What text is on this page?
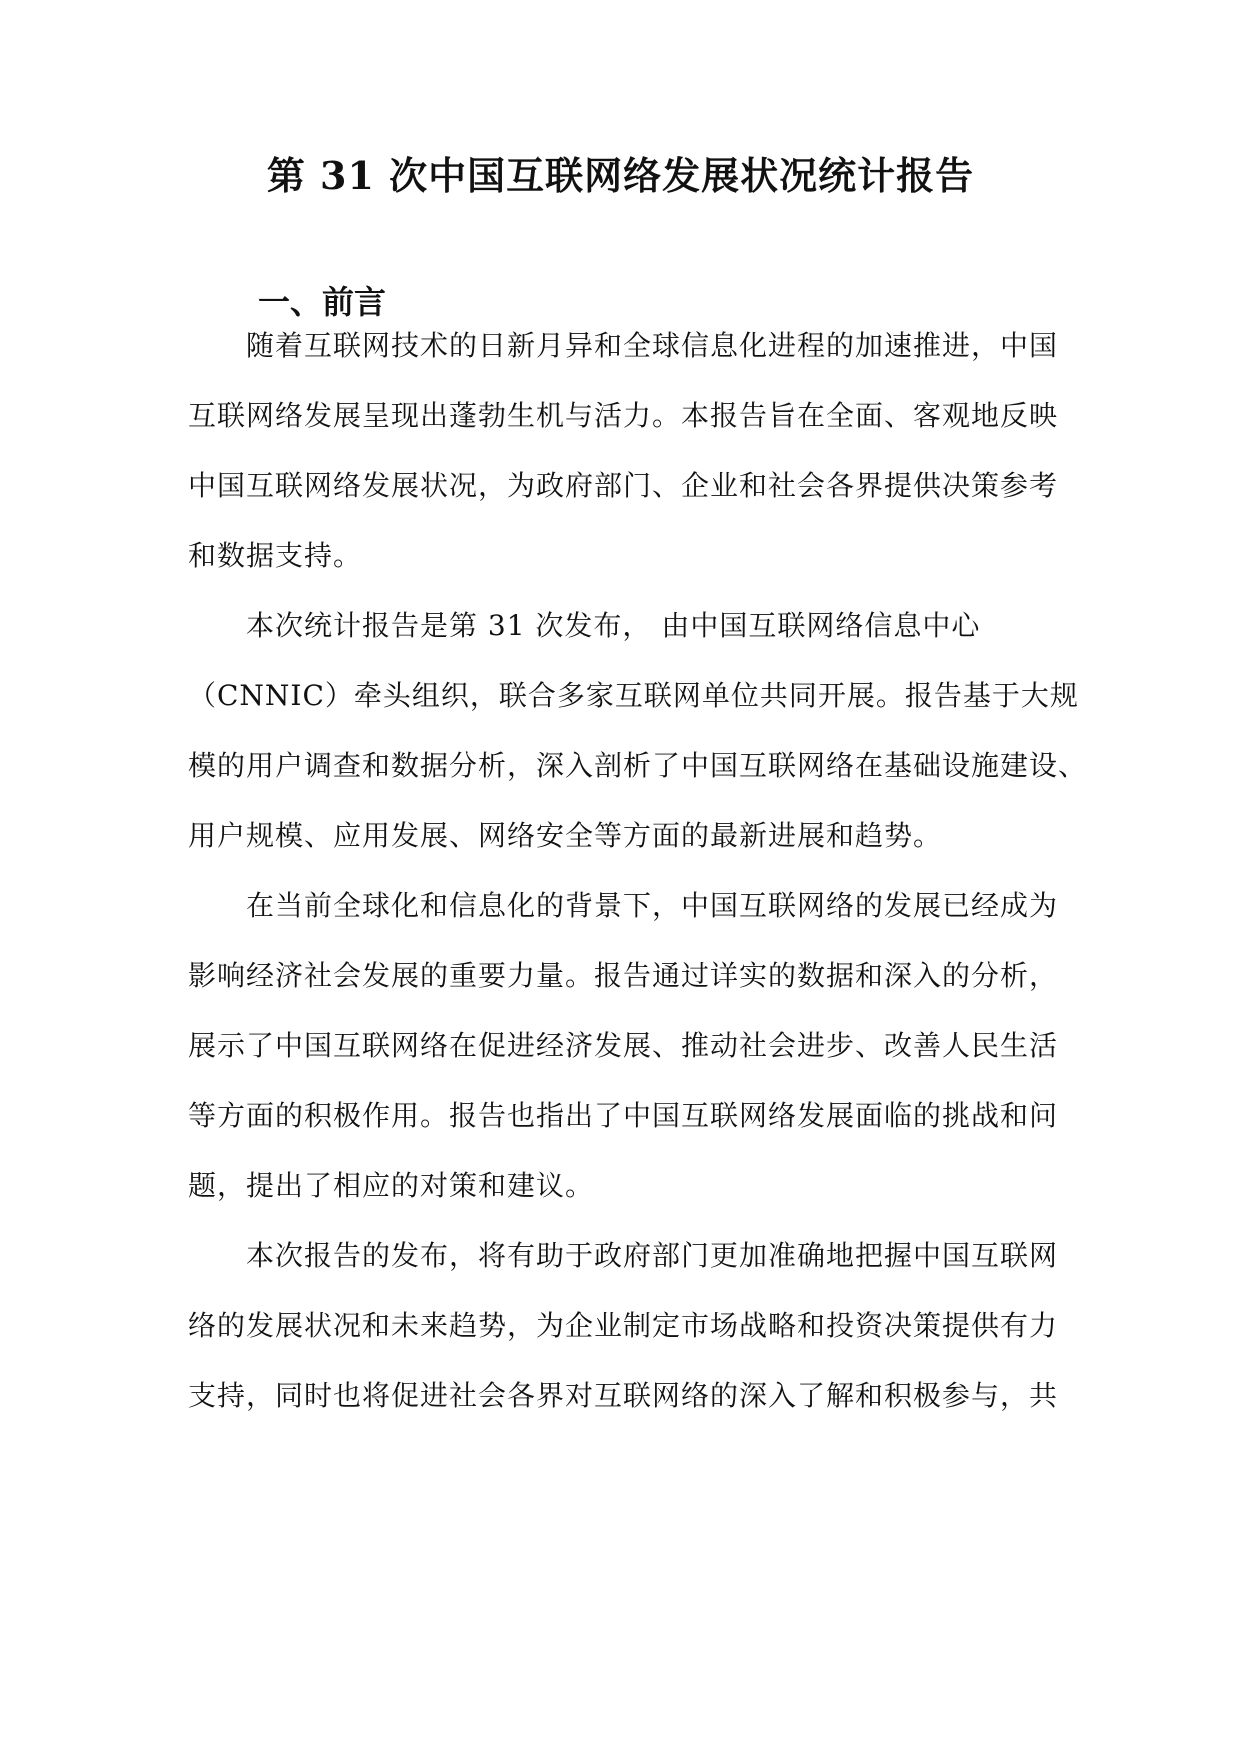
第 31 次中国互联网络发展状况统计报告
一、前言
随着互联网技术的日新月异和全球信息化进程的加速推进，中国
互联网络发展呈现出蓬勃生机与活力。本报告旨在全面、客观地反映
中国互联网络发展状况，为政府部门、企业和社会各界提供决策参考
和数据支持。
本次统计报告是第 31 次发布， 由中国互联网络信息中心
（CNNIC）牵头组织，联合多家互联网单位共同开展。报告基于大规
模的用户调查和数据分析，深入剖析了中国互联网络在基础设施建设、
用户规模、应用发展、网络安全等方面的最新进展和趋势。
在当前全球化和信息化的背景下，中国互联网络的发展已经成为
影响经济社会发展的重要力量。报告通过详实的数据和深入的分析，
展示了中国互联网络在促进经济发展、推动社会进步、改善人民生活
等方面的积极作用。报告也指出了中国互联网络发展面临的挑战和问
题，提出了相应的对策和建议。
本次报告的发布，将有助于政府部门更加准确地把握中国互联网
络的发展状况和未来趋势，为企业制定市场战略和投资决策提供有力
支持，同时也将促进社会各界对互联网络的深入了解和积极参与，共
